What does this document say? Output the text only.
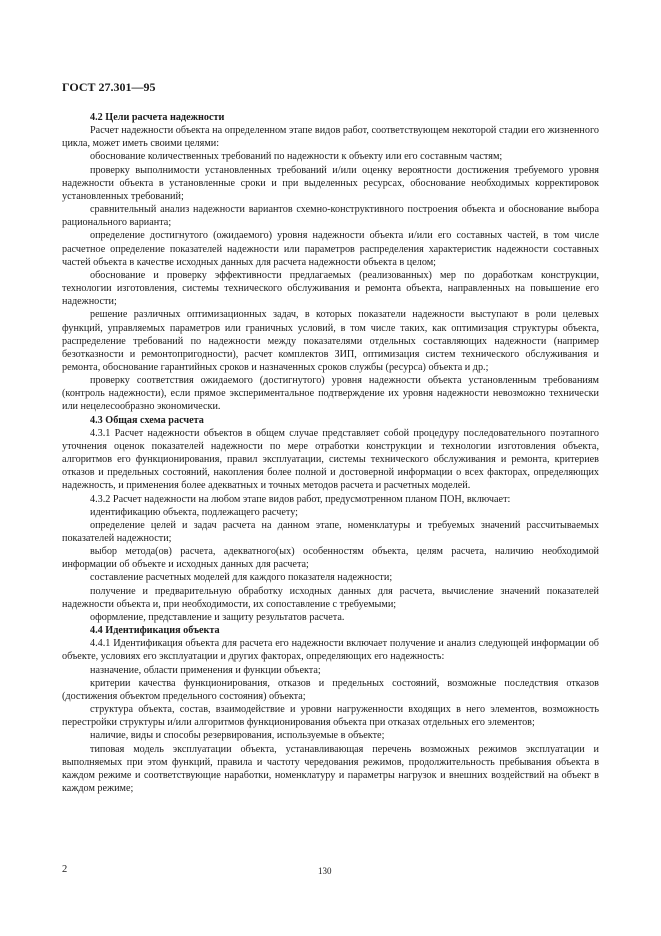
ГОСТ 27.301—95
4.2 Цели расчета надежности

Расчет надежности объекта на определенном этапе видов работ, соответствующем некоторой стадии его жизненного цикла, может иметь своими целями:

обоснование количественных требований по надежности к объекту или его составным частям;

проверку выполнимости установленных требований и/или оценку вероятности достижения требуемого уровня надежности объекта в установленные сроки и при выделенных ресурсах, обоснование необходимых корректировок установленных требований;

сравнительный анализ надежности вариантов схемно-конструктивного построения объекта и обоснование выбора рационального варианта;

определение достигнутого (ожидаемого) уровня надежности объекта и/или его составных частей, в том числе расчетное определение показателей надежности или параметров распределения характеристик надежности составных частей объекта в качестве исходных данных для расчета надежности объекта в целом;

обоснование и проверку эффективности предлагаемых (реализованных) мер по доработкам конструкции, технологии изготовления, системы технического обслуживания и ремонта объекта, направленных на повышение его надежности;

решение различных оптимизационных задач, в которых показатели надежности выступают в роли целевых функций, управляемых параметров или граничных условий, в том числе таких, как оптимизация структуры объекта, распределение требований по надежности между показателями отдельных составляющих надежности (например безотказности и ремонтопригодности), расчет комплектов ЗИП, оптимизация систем технического обслуживания и ремонта, обоснование гарантийных сроков и назначенных сроков службы (ресурса) объекта и др.;

проверку соответствия ожидаемого (достигнутого) уровня надежности объекта установленным требованиям (контроль надежности), если прямое экспериментальное подтверждение их уровня надежности невозможно технически или нецелесообразно экономически.

4.3 Общая схема расчета

4.3.1 Расчет надежности объектов в общем случае представляет собой процедуру последовательного поэтапного уточнения оценок показателей надежности по мере отработки конструкции и технологии изготовления объекта, алгоритмов его функционирования, правил эксплуатации, системы технического обслуживания и ремонта, критериев отказов и предельных состояний, накопления более полной и достоверной информации о всех факторах, определяющих надежность, и применения более адекватных и точных методов расчета и расчетных моделей.

4.3.2 Расчет надежности на любом этапе видов работ, предусмотренном планом ПОН, включает:

идентификацию объекта, подлежащего расчету;

определение целей и задач расчета на данном этапе, номенклатуры и требуемых значений рассчитываемых показателей надежности;

выбор метода(ов) расчета, адекватного(ых) особенностям объекта, целям расчета, наличию необходимой информации об объекте и исходных данных для расчета;

составление расчетных моделей для каждого показателя надежности;

получение и предварительную обработку исходных данных для расчета, вычисление значений показателей надежности объекта и, при необходимости, их сопоставление с требуемыми;

оформление, представление и защиту результатов расчета.

4.4 Идентификация объекта

4.4.1 Идентификация объекта для расчета его надежности включает получение и анализ следующей информации об объекте, условиях его эксплуатации и других факторах, определяющих его надежность:

назначение, области применения и функции объекта;

критерии качества функционирования, отказов и предельных состояний, возможные последствия отказов (достижения объектом предельного состояния) объекта;

структура объекта, состав, взаимодействие и уровни нагруженности входящих в него элементов, возможность перестройки структуры и/или алгоритмов функционирования объекта при отказах отдельных его элементов;

наличие, виды и способы резервирования, используемые в объекте;

типовая модель эксплуатации объекта, устанавливающая перечень возможных режимов эксплуатации и выполняемых при этом функций, правила и частоту чередования режимов, продолжительность пребывания объекта в каждом режиме и соответствующие наработки, номенклатуру и параметры нагрузок и внешних воздействий на объект в каждом режиме;

2	130
